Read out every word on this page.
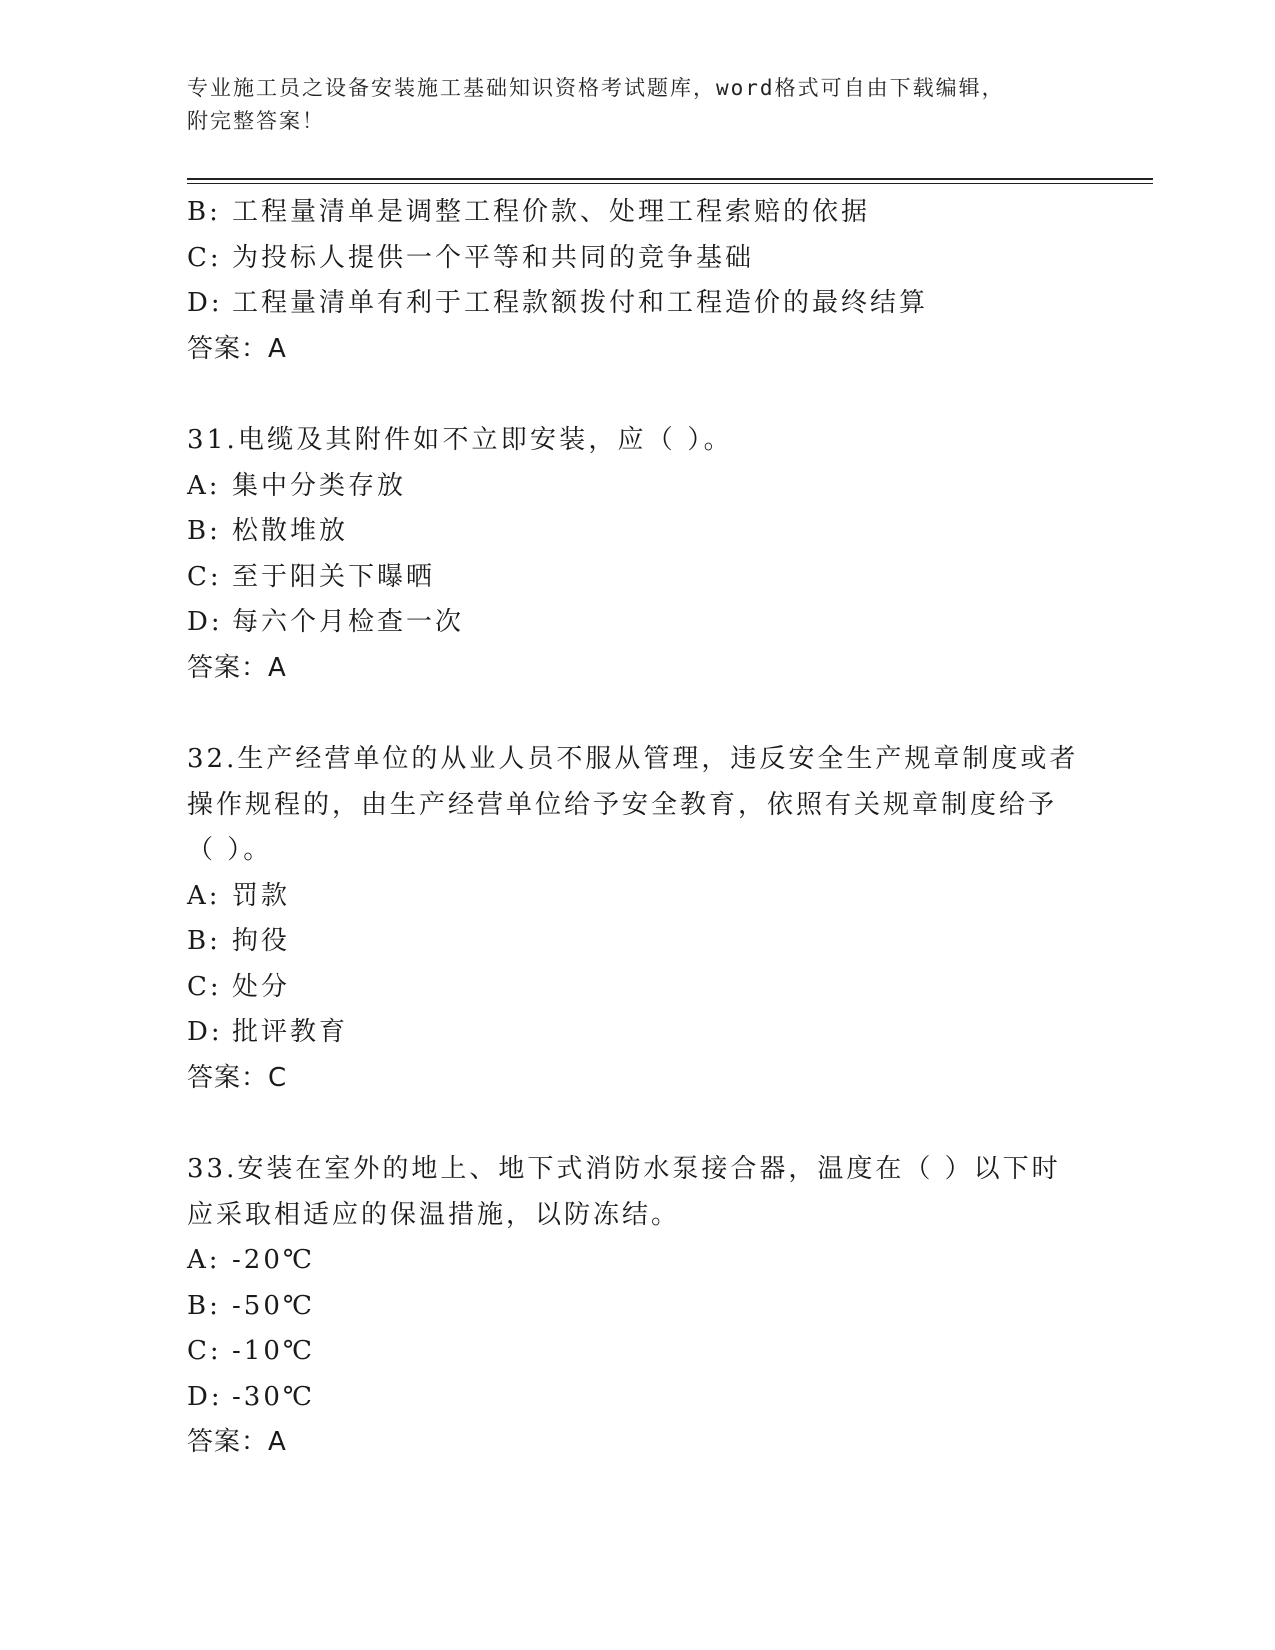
专业施工员之设备安装施工基础知识资格考试题库，word格式可自由下载编辑，
附完整答案！
B: 工程量清单是调整工程价款、处理工程索赔的依据
C: 为投标人提供一个平等和共同的竞争基础
D: 工程量清单有利于工程款额拨付和工程造价的最终结算
答案：A
31.电缆及其附件如不立即安装，应（ ）。
A: 集中分类存放
B: 松散堆放
C: 至于阳关下曝晒
D: 每六个月检查一次
答案：A
32.生产经营单位的从业人员不服从管理，违反安全生产规章制度或者
操作规程的，由生产经营单位给予安全教育，依照有关规章制度给予
（ ）。
A: 罚款
B: 拘役
C: 处分
D: 批评教育
答案：C
33.安装在室外的地上、地下式消防水泵接合器，温度在（ ）以下时
应采取相适应的保温措施，以防冻结。
A: -20℃
B: -50℃
C: -10℃
D: -30℃
答案：A
